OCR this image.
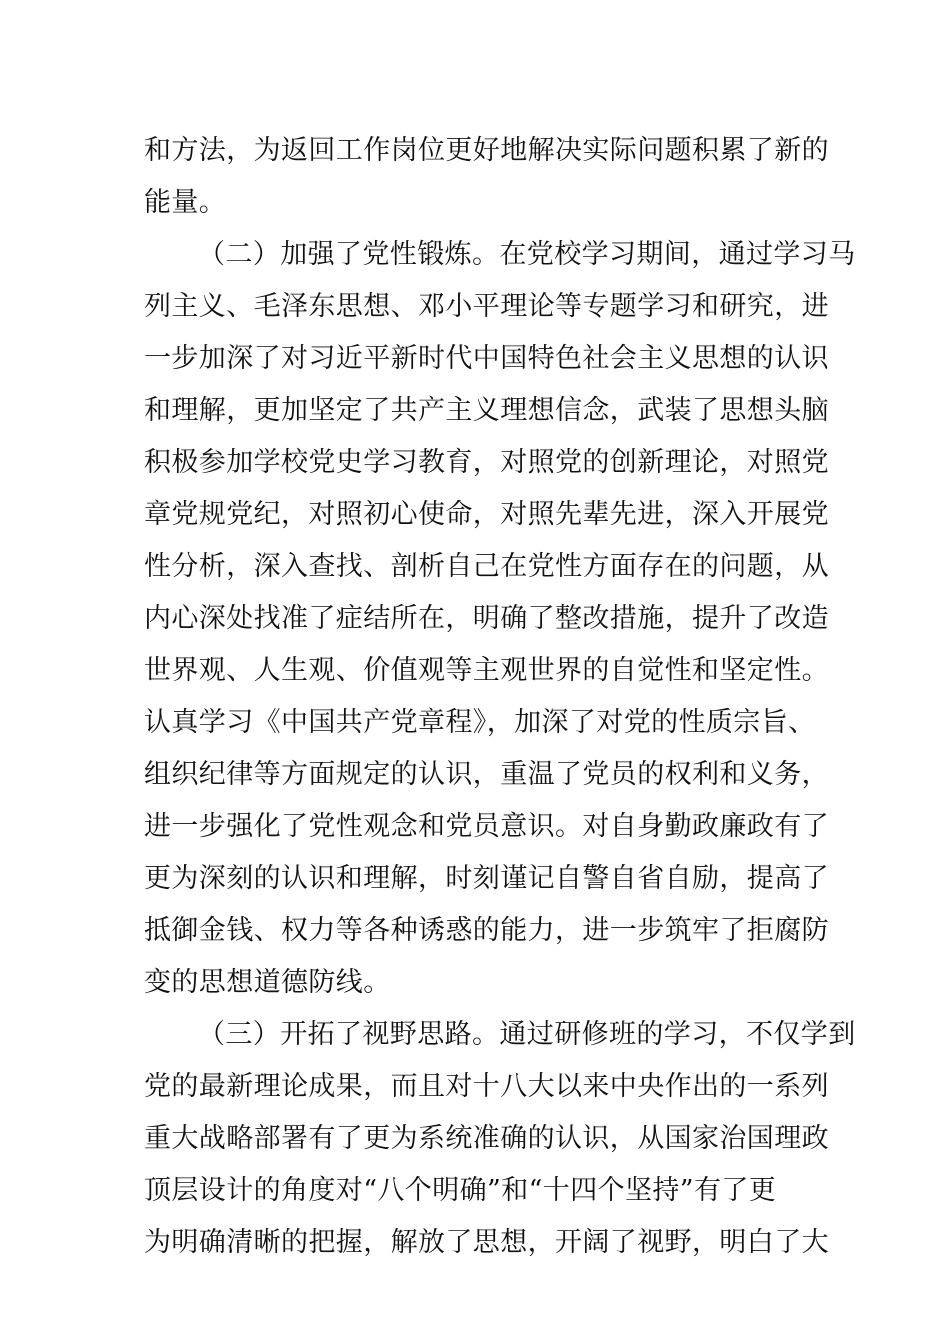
和方法，为返回工作岗位更好地解决实际问题积累了新的
能量。
（二）加强了党性锻炼。在党校学习期间，通过学习马
列主义、毛泽东思想、邓小平理论等专题学习和研究，进
一步加深了对习近平新时代中国特色社会主义思想的认识
和理解，更加坚定了共产主义理想信念，武装了思想头脑
积极参加学校党史学习教育，对照党的创新理论，对照党
章党规党纪，对照初心使命，对照先辈先进，深入开展党
性分析，深入查找、剖析自己在党性方面存在的问题，从
内心深处找准了症结所在，明确了整改措施，提升了改造
世界观、人生观、价值观等主观世界的自觉性和坚定性。
认真学习《中国共产党章程》，加深了对党的性质宗旨、
组织纪律等方面规定的认识，重温了党员的权利和义务，
进一步强化了党性观念和党员意识。对自身勤政廉政有了
更为深刻的认识和理解，时刻谨记自警自省自励，提高了
抵御金钱、权力等各种诱惑的能力，进一步筑牢了拒腐防
变的思想道德防线。
（三）开拓了视野思路。通过研修班的学习，不仅学到
党的最新理论成果，而且对十八大以来中央作出的一系列
重大战略部署有了更为系统准确的认识，从国家治国理政
顶层设计的角度对“八个明确”和“十四个坚持”有了更
为明确清晰的把握，解放了思想，开阔了视野，明白了大
